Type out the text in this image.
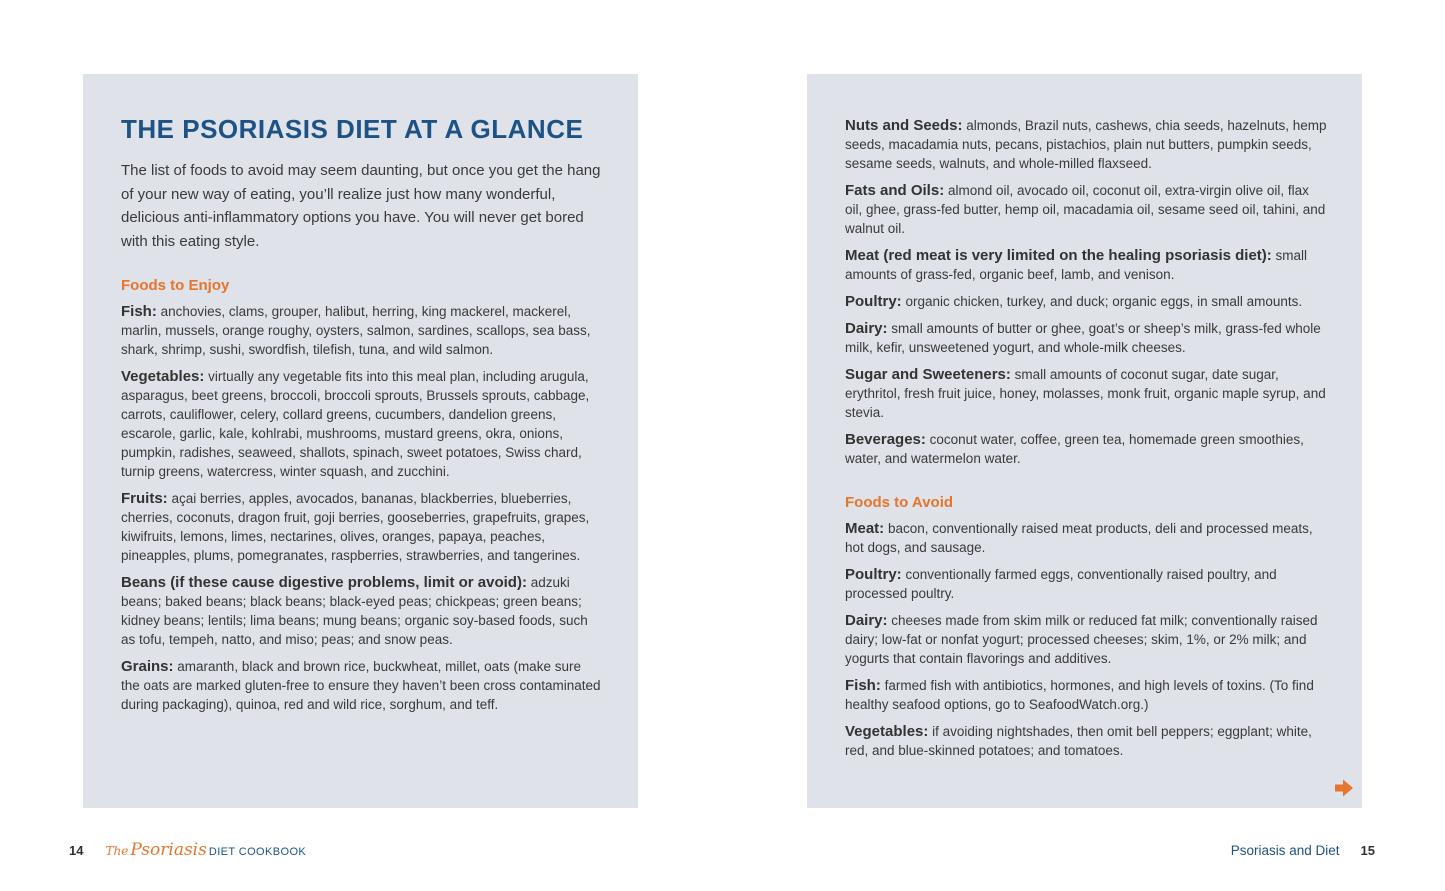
THE PSORIASIS DIET AT A GLANCE

The list of foods to avoid may seem daunting, but once you get the hang of your new way of eating, you’ll realize just how many wonderful, delicious anti-inflammatory options you have. You will never get bored with this eating style.

Foods to Enjoy

Fish: anchovies, clams, grouper, halibut, herring, king mackerel, mackerel, marlin, mussels, orange roughy, oysters, salmon, sardines, scallops, sea bass, shark, shrimp, sushi, swordfish, tilefish, tuna, and wild salmon.

Vegetables: virtually any vegetable fits into this meal plan, including arugula, asparagus, beet greens, broccoli, broccoli sprouts, Brussels sprouts, cabbage, carrots, cauliflower, celery, collard greens, cucumbers, dandelion greens, escarole, garlic, kale, kohlrabi, mushrooms, mustard greens, okra, onions, pumpkin, radishes, seaweed, shallots, spinach, sweet potatoes, Swiss chard, turnip greens, watercress, winter squash, and zucchini.

Fruits: açai berries, apples, avocados, bananas, blackberries, blueberries, cherries, coconuts, dragon fruit, goji berries, gooseberries, grapefruits, grapes, kiwifruits, lemons, limes, nectarines, olives, oranges, papaya, peaches, pineapples, plums, pomegranates, raspberries, strawberries, and tangerines.

Beans (if these cause digestive problems, limit or avoid): adzuki beans; baked beans; black beans; black-eyed peas; chickpeas; green beans; kidney beans; lentils; lima beans; mung beans; organic soy-based foods, such as tofu, tempeh, natto, and miso; peas; and snow peas.

Grains: amaranth, black and brown rice, buckwheat, millet, oats (make sure the oats are marked gluten-free to ensure they haven’t been cross contaminated during packaging), quinoa, red and wild rice, sorghum, and teff.

Nuts and Seeds: almonds, Brazil nuts, cashews, chia seeds, hazelnuts, hemp seeds, macadamia nuts, pecans, pistachios, plain nut butters, pumpkin seeds, sesame seeds, walnuts, and whole-milled flaxseed.

Fats and Oils: almond oil, avocado oil, coconut oil, extra-virgin olive oil, flax oil, ghee, grass-fed butter, hemp oil, macadamia oil, sesame seed oil, tahini, and walnut oil.

Meat (red meat is very limited on the healing psoriasis diet): small amounts of grass-fed, organic beef, lamb, and venison.

Poultry: organic chicken, turkey, and duck; organic eggs, in small amounts.

Dairy: small amounts of butter or ghee, goat’s or sheep’s milk, grass-fed whole milk, kefir, unsweetened yogurt, and whole-milk cheeses.

Sugar and Sweeteners: small amounts of coconut sugar, date sugar, erythritol, fresh fruit juice, honey, molasses, monk fruit, organic maple syrup, and stevia.

Beverages: coconut water, coffee, green tea, homemade green smoothies, water, and watermelon water.

Foods to Avoid

Meat: bacon, conventionally raised meat products, deli and processed meats, hot dogs, and sausage.

Poultry: conventionally farmed eggs, conventionally raised poultry, and processed poultry.

Dairy: cheeses made from skim milk or reduced fat milk; conventionally raised dairy; low-fat or nonfat yogurt; processed cheeses; skim, 1%, or 2% milk; and yogurts that contain flavorings and additives.

Fish: farmed fish with antibiotics, hormones, and high levels of toxins. (To find healthy seafood options, go to SeafoodWatch.org.)

Vegetables: if avoiding nightshades, then omit bell peppers; eggplant; white, red, and blue-skinned potatoes; and tomatoes.

14 The Psoriasis DIET COOKBOOK	Psoriasis and Diet 15
